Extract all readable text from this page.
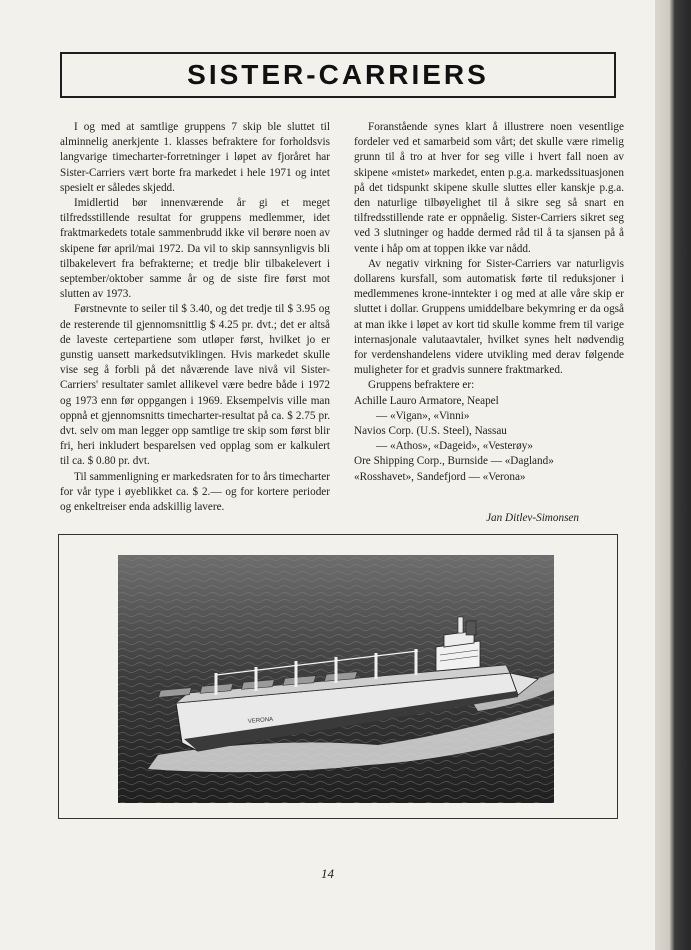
SISTER-CARRIERS

I og med at samtlige gruppens 7 skip ble sluttet til alminnelig anerkjente 1. klasses befraktere for forholdsvis langvarige timecharter-forretninger i løpet av fjoråret har Sister-Carriers vært borte fra markedet i hele 1971 og intet spesielt er således skjedd.

Imidlertid bør innenværende år gi et meget tilfredsstillende resultat for gruppens medlemmer, idet fraktmarkedets totale sammenbrudd ikke vil berøre noen av skipene før april/mai 1972. Da vil to skip sannsynligvis bli tilbakelevert fra befrakterne; et tredje blir tilbakelevert i september/oktober samme år og de siste fire først mot slutten av 1973.

Førstnevnte to seiler til $ 3.40, og det tredje til $ 3.95 og de resterende til gjennomsnittlig $ 4.25 pr. dvt.; det er altså de laveste certepartiene som utløper først, hvilket jo er gunstig uansett markedsutviklingen. Hvis markedet skulle vise seg å forbli på det nåværende lave nivå vil Sister-Carriers' resultater samlet allikevel være bedre både i 1972 og 1973 enn før oppgangen i 1969. Eksempelvis ville man oppnå et gjennomsnitts timecharter-resultat på ca. $ 2.75 pr. dvt. selv om man legger opp samtlige tre skip som først blir fri, heri inkludert besparelsen ved opplag som er kalkulert til ca. $ 0.80 pr. dvt.

Til sammenligning er markedsraten for to års timecharter for vår type i øyeblikket ca. $ 2.— og for kortere perioder og enkeltreiser enda adskillig lavere.

Foranstående synes klart å illustrere noen vesentlige fordeler ved et samarbeid som vårt; det skulle være rimelig grunn til å tro at hver for seg ville i hvert fall noen av skipene «mistet» markedet, enten p.g.a. markedssituasjonen på det tidspunkt skipene skulle sluttes eller kanskje p.g.a. den naturlige tilbøyelighet til å sikre seg så snart en tilfredsstillende rate er oppnåelig. Sister-Carriers sikret seg ved 3 slutninger og hadde dermed råd til å ta sjansen på å vente i håp om at toppen ikke var nådd.

Av negativ virkning for Sister-Carriers var naturligvis dollarens kursfall, som automatisk førte til reduksjoner i medlemmenes krone-inntekter i og med at alle våre skip er sluttet i dollar. Gruppens umiddelbare bekymring er da også at man ikke i løpet av kort tid skulle komme frem til varige internasjonale valutaavtaler, hvilket synes helt nødvendig for verdenshandelens videre utvikling med derav følgende muligheter for et gradvis sunnere fraktmarked.

Gruppens befraktere er:

Achille Lauro Armatore, Neapel

— «Vigan», «Vinni»

Navios Corp. (U.S. Steel), Nassau

— «Athos», «Dageid», «Vesterøy»

Ore Shipping Corp., Burnside — «Dagland»

«Rosshavet», Sandefjord — «Verona»

Jan Ditlev-Simonsen
VERONA
14
